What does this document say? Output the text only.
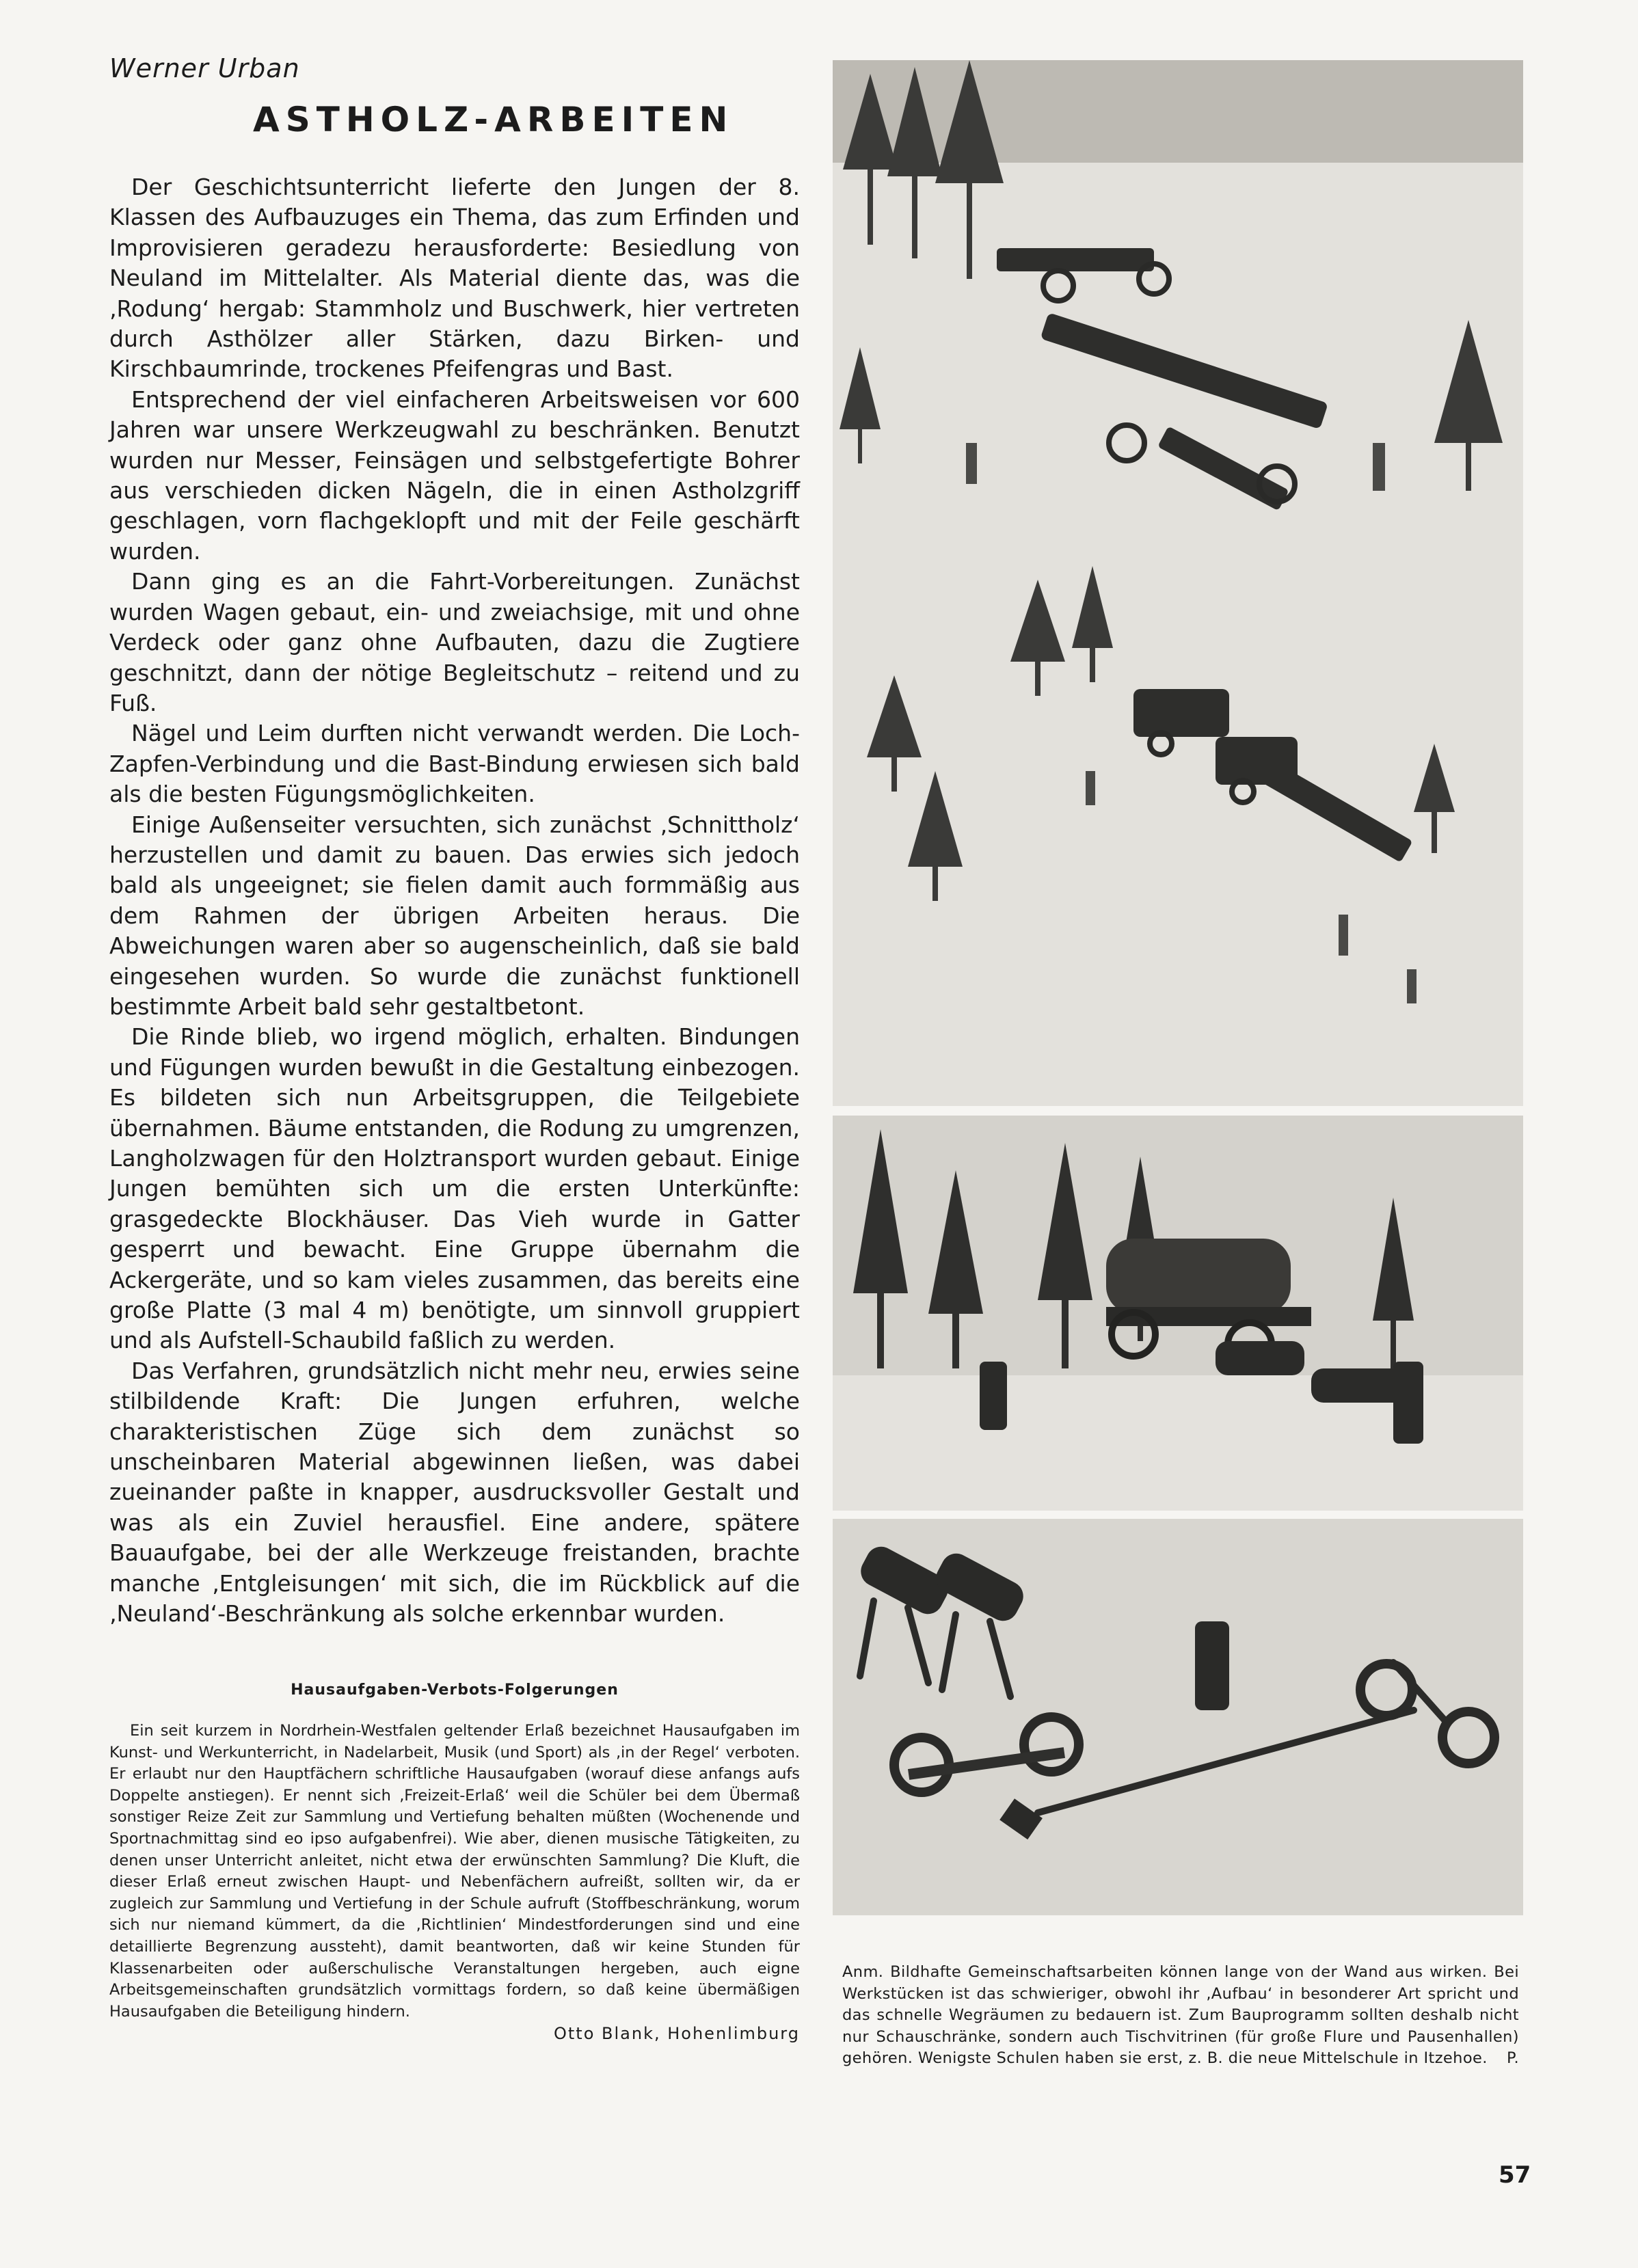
Werner Urban
ASTHOLZ-ARBEITEN

Der Geschichtsunterricht lieferte den Jungen der 8. Klassen des Aufbauzuges ein Thema, das zum Erfinden und Improvisieren geradezu herausforderte: Besiedlung von Neuland im Mittelalter. Als Material diente das, was die ‚Rodung‘ hergab: Stammholz und Buschwerk, hier vertreten durch Asthölzer aller Stärken, dazu Birken- und Kirschbaumrinde, trockenes Pfeifengras und Bast.

Entsprechend der viel einfacheren Arbeitsweisen vor 600 Jahren war unsere Werkzeugwahl zu beschränken. Benutzt wurden nur Messer, Feinsägen und selbstgefertigte Bohrer aus verschieden dicken Nägeln, die in einen Astholzgriff geschlagen, vorn flachgeklopft und mit der Feile geschärft wurden.

Dann ging es an die Fahrt-Vorbereitungen. Zunächst wurden Wagen gebaut, ein- und zweiachsige, mit und ohne Verdeck oder ganz ohne Aufbauten, dazu die Zugtiere geschnitzt, dann der nötige Begleitschutz – reitend und zu Fuß.

Nägel und Leim durften nicht verwandt werden. Die Loch-Zapfen-Verbindung und die Bast-Bindung erwiesen sich bald als die besten Fügungsmöglichkeiten.

Einige Außenseiter versuchten, sich zunächst ‚Schnittholz‘ herzustellen und damit zu bauen. Das erwies sich jedoch bald als ungeeignet; sie fielen damit auch formmäßig aus dem Rahmen der übrigen Arbeiten heraus. Die Abweichungen waren aber so augenscheinlich, daß sie bald eingesehen wurden. So wurde die zunächst funktionell bestimmte Arbeit bald sehr gestaltbetont.

Die Rinde blieb, wo irgend möglich, erhalten. Bindungen und Fügungen wurden bewußt in die Gestaltung einbezogen. Es bildeten sich nun Arbeitsgruppen, die Teilgebiete übernahmen. Bäume entstanden, die Rodung zu umgrenzen, Langholzwagen für den Holztransport wurden gebaut. Einige Jungen bemühten sich um die ersten Unterkünfte: grasgedeckte Blockhäuser. Das Vieh wurde in Gatter gesperrt und bewacht. Eine Gruppe übernahm die Ackergeräte, und so kam vieles zusammen, das bereits eine große Platte (3 mal 4 m) benötigte, um sinnvoll gruppiert und als Aufstell-Schaubild faßlich zu werden.

Das Verfahren, grundsätzlich nicht mehr neu, erwies seine stilbildende Kraft: Die Jungen erfuhren, welche charakteristischen Züge sich dem zunächst so unscheinbaren Material abgewinnen ließen, was dabei zueinander paßte in knapper, ausdrucksvoller Gestalt und was als ein Zuviel herausfiel. Eine andere, spätere Bauaufgabe, bei der alle Werkzeuge freistanden, brachte manche ‚Entgleisungen‘ mit sich, die im Rückblick auf die ‚Neuland‘-Beschränkung als solche erkennbar wurden.

Hausaufgaben-Verbots-Folgerungen

Ein seit kurzem in Nordrhein-Westfalen geltender Erlaß bezeichnet Hausaufgaben im Kunst- und Werkunterricht, in Nadelarbeit, Musik (und Sport) als ‚in der Regel‘ verboten. Er erlaubt nur den Hauptfächern schriftliche Hausaufgaben (worauf diese anfangs aufs Doppelte anstiegen). Er nennt sich ‚Freizeit-Erlaß‘ weil die Schüler bei dem Übermaß sonstiger Reize Zeit zur Sammlung und Vertiefung behalten müßten (Wochenende und Sportnachmittag sind eo ipso aufgabenfrei). Wie aber, dienen musische Tätigkeiten, zu denen unser Unterricht anleitet, nicht etwa der erwünschten Sammlung? Die Kluft, die dieser Erlaß erneut zwischen Haupt- und Nebenfächern aufreißt, sollten wir, da er zugleich zur Sammlung und Vertiefung in der Schule aufruft (Stoffbeschränkung, worum sich nur niemand kümmert, da die ‚Richtlinien‘ Mindestforderungen sind und eine detaillierte Begrenzung aussteht), damit beantworten, daß wir keine Stunden für Klassenarbeiten oder außerschulische Veranstaltungen hergeben, auch eigne Arbeitsgemeinschaften grundsätzlich vormittags fordern, so daß keine übermäßigen Hausaufgaben die Beteiligung hindern.

Otto Blank, Hohenlimburg
Anm. Bildhafte Gemeinschaftsarbeiten können lange von der Wand aus wirken. Bei Werkstücken ist das schwieriger, obwohl ihr ‚Aufbau‘ in besonderer Art spricht und das schnelle Wegräumen zu bedauern ist. Zum Bauprogramm sollten deshalb nicht nur Schauschränke, sondern auch Tischvitrinen (für große Flure und Pausenhallen) gehören. Wenigste Schulen haben sie erst, z. B. die neue Mittelschule in Itzehoe. P.
57
